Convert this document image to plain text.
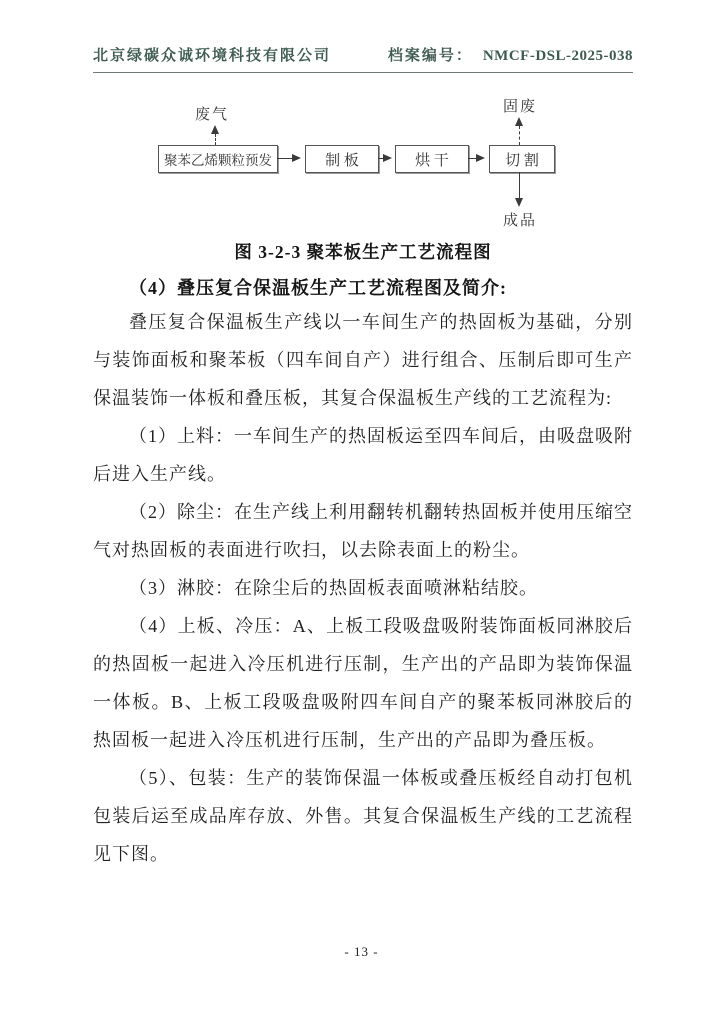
北京绿碳众诚环境科技有限公司	档案编号： NMCF-DSL-2025-038
废气	固废
聚苯乙烯颗粒预发	制 板	烘 干	切 割
成品
图 3-2-3 聚苯板生产工艺流程图
（4）叠压复合保温板生产工艺流程图及简介:

叠压复合保温板生产线以一车间生产的热固板为基础，分别与装饰面板和聚苯板（四车间自产）进行组合、压制后即可生产保温装饰一体板和叠压板，其复合保温板生产线的工艺流程为:

（1）上料：一车间生产的热固板运至四车间后，由吸盘吸附后进入生产线。

（2）除尘：在生产线上利用翻转机翻转热固板并使用压缩空气对热固板的表面进行吹扫，以去除表面上的粉尘。

（3）淋胶：在除尘后的热固板表面喷淋粘结胶。

（4）上板、冷压：A、上板工段吸盘吸附装饰面板同淋胶后的热固板一起进入冷压机进行压制，生产出的产品即为装饰保温一体板。B、上板工段吸盘吸附四车间自产的聚苯板同淋胶后的热固板一起进入冷压机进行压制，生产出的产品即为叠压板。

（5）、包装：生产的装饰保温一体板或叠压板经自动打包机包装后运至成品库存放、外售。其复合保温板生产线的工艺流程见下图。

- 13 -
